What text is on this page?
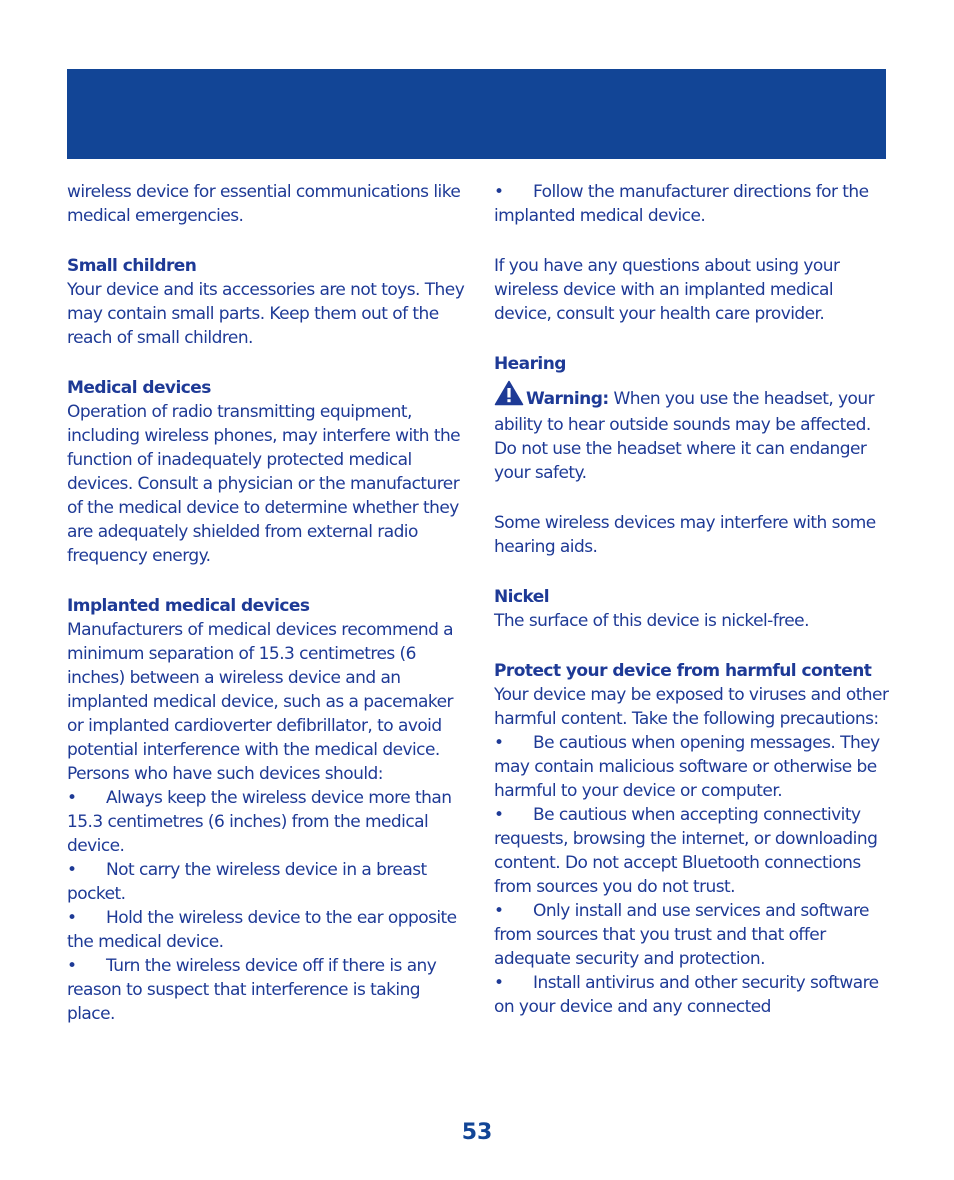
wireless device for essential communications like medical emergencies.

Small children

Your device and its accessories are not toys. They may contain small parts. Keep them out of the reach of small children.

Medical devices

Operation of radio transmitting equipment, including wireless phones, may interfere with the function of inadequately protected medical devices. Consult a physician or the manufacturer of the medical device to determine whether they are adequately shielded from external radio frequency energy.

Implanted medical devices

Manufacturers of medical devices recommend a minimum separation of 15.3 centimetres (6 inches) between a wireless device and an implanted medical device, such as a pacemaker or implanted cardioverter defibrillator, to avoid potential interference with the medical device. Persons who have such devices should:

• Always keep the wireless device more than 15.3 centimetres (6 inches) from the medical device.

• Not carry the wireless device in a breast pocket.

• Hold the wireless device to the ear opposite the medical device.

• Turn the wireless device off if there is any reason to suspect that interference is taking place.

• Follow the manufacturer directions for the implanted medical device.

If you have any questions about using your wireless device with an implanted medical device, consult your health care provider.

Hearing

Warning: When you use the headset, your ability to hear outside sounds may be affected. Do not use the headset where it can endanger your safety.

Some wireless devices may interfere with some hearing aids.

Nickel

The surface of this device is nickel-free.

Protect your device from harmful content

Your device may be exposed to viruses and other harmful content. Take the following precautions:

• Be cautious when opening messages. They may contain malicious software or otherwise be harmful to your device or computer.

• Be cautious when accepting connectivity requests, browsing the internet, or downloading content. Do not accept Bluetooth connections from sources you do not trust.

• Only install and use services and software from sources that you trust and that offer adequate security and protection.

• Install antivirus and other security software on your device and any connected

53
